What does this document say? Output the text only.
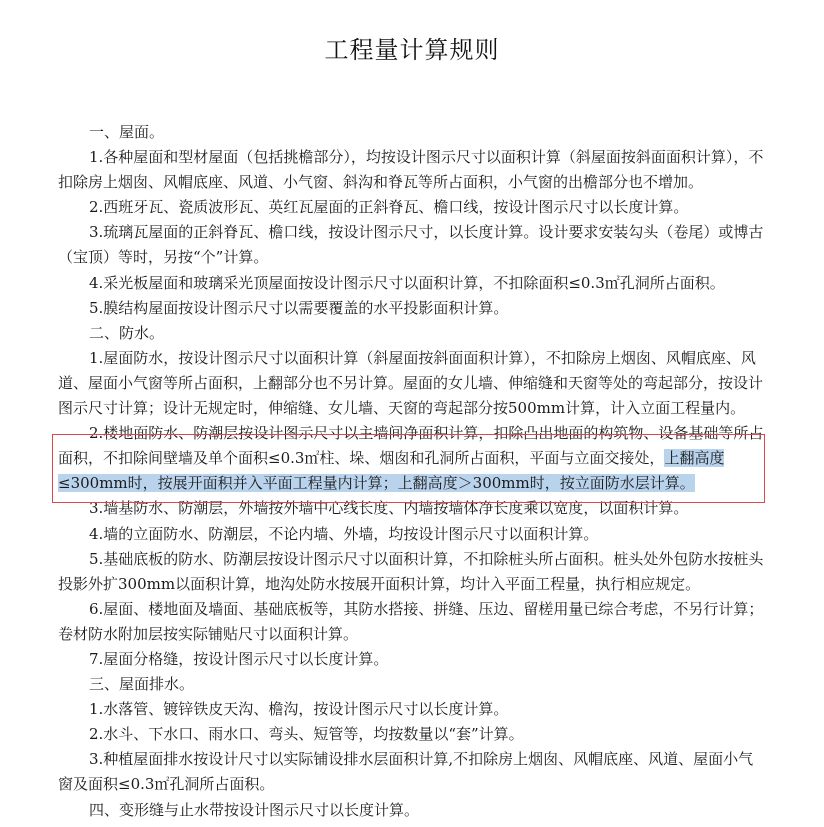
工程量计算规则

一、屋面。

1.各种屋面和型材屋面（包括挑檐部分），均按设计图示尺寸以面积计算（斜屋面按斜面面积计算），不扣除房上烟囱、风帽底座、风道、小气窗、斜沟和脊瓦等所占面积，小气窗的出檐部分也不增加。

2.西班牙瓦、瓷质波形瓦、英红瓦屋面的正斜脊瓦、檐口线，按设计图示尺寸以长度计算。

3.琉璃瓦屋面的正斜脊瓦、檐口线，按设计图示尺寸，以长度计算。设计要求安装勾头（卷尾）或博古（宝顶）等时，另按“个”计算。

4.采光板屋面和玻璃采光顶屋面按设计图示尺寸以面积计算，不扣除面积≤0.3㎡孔洞所占面积。

5.膜结构屋面按设计图示尺寸以需要覆盖的水平投影面积计算。

二、防水。

1.屋面防水，按设计图示尺寸以面积计算（斜屋面按斜面面积计算），不扣除房上烟囱、风帽底座、风道、屋面小气窗等所占面积，上翻部分也不另计算。屋面的女儿墙、伸缩缝和天窗等处的弯起部分，按设计图示尺寸计算；设计无规定时，伸缩缝、女儿墙、天窗的弯起部分按500mm计算，计入立面工程量内。

2.楼地面防水、防潮层按设计图示尺寸以主墙间净面积计算，扣除凸出地面的构筑物、设备基础等所占面积，不扣除间壁墙及单个面积≤0.3㎡柱、垛、烟囱和孔洞所占面积，平面与立面交接处，上翻高度≤300mm时，按展开面积并入平面工程量内计算；上翻高度＞300mm时，按立面防水层计算。

3.墙基防水、防潮层，外墙按外墙中心线长度、内墙按墙体净长度乘以宽度，以面积计算。

4.墙的立面防水、防潮层，不论内墙、外墙，均按设计图示尺寸以面积计算。

5.基础底板的防水、防潮层按设计图示尺寸以面积计算，不扣除桩头所占面积。桩头处外包防水按桩头投影外扩300mm以面积计算，地沟处防水按展开面积计算，均计入平面工程量，执行相应规定。

6.屋面、楼地面及墙面、基础底板等，其防水搭接、拼缝、压边、留槎用量已综合考虑，不另行计算；卷材防水附加层按实际铺贴尺寸以面积计算。

7.屋面分格缝，按设计图示尺寸以长度计算。

三、屋面排水。

1.水落管、镀锌铁皮天沟、檐沟，按设计图示尺寸以长度计算。

2.水斗、下水口、雨水口、弯头、短管等，均按数量以“套”计算。

3.种植屋面排水按设计尺寸以实际铺设排水层面积计算,不扣除房上烟囱、风帽底座、风道、屋面小气窗及面积≤0.3㎡孔洞所占面积。

四、变形缝与止水带按设计图示尺寸以长度计算。
